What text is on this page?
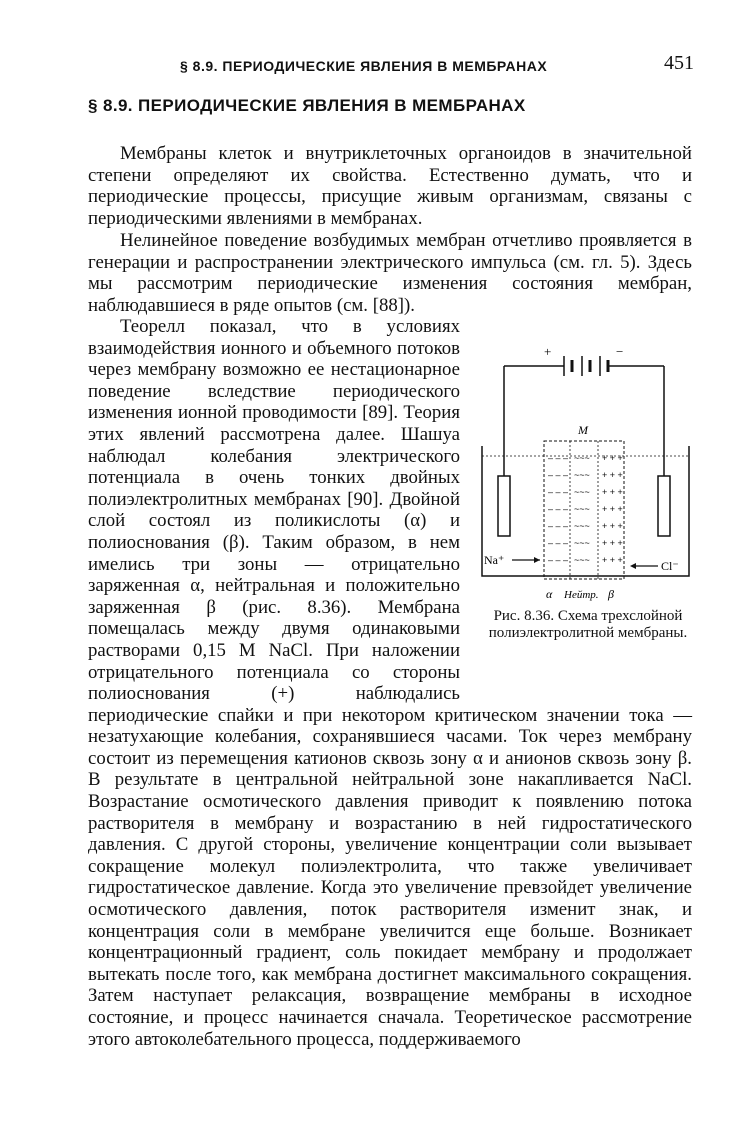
§ 8.9. ПЕРИОДИЧЕСКИЕ ЯВЛЕНИЯ В МЕМБРАНАХ	451
§ 8.9. ПЕРИОДИЧЕСКИЕ ЯВЛЕНИЯ В МЕМБРАНАХ

Мембраны клеток и внутриклеточных органоидов в значительной степени определяют их свойства. Естественно думать, что и периодические процессы, присущие живым организмам, связаны с периодическими явлениями в мембранах.

Нелинейное поведение возбудимых мембран отчетливо проявляется в генерации и распространении электрического импульса (см. гл. 5). Здесь мы рассмотрим периодические изменения состояния мембран, наблюдавшиеся в ряде опытов (см. [88]).

+	−
M
– – – ~~~ + + +
– – – ~~~ + + +
– – – ~~~ + + +
– – – ~~~ + + +
– – – ~~~ + + +
– – – ~~~ + + +
– – – ~~~ + + +
Na⁺	Cl⁻
α Нейтр. β
Рис. 8.36. Схема трехслойной полиэлектролитной мембраны.

Теорелл показал, что в условиях взаимодействия ионного и объемного потоков через мембрану возможно ее нестационарное поведение вследствие периодического изменения ионной проводимости [89]. Теория этих явлений рассмотрена далее. Шашуа наблюдал колебания электрического потенциала в очень тонких двойных полиэлектролитных мембранах [90]. Двойной слой состоял из поликислоты (α) и полиоснования (β). Таким образом, в нем имелись три зоны — отрицательно заряженная α, нейтральная и положительно заряженная β (рис. 8.36). Мембрана помещалась между двумя одинаковыми растворами 0,15 M NaCl. При наложении отрицательного потенциала со стороны полиоснования (+) наблюдались периодические спайки и при некотором критическом значении тока — незатухающие колебания, сохранявшиеся часами. Ток через мембрану состоит из перемещения катионов сквозь зону α и анионов сквозь зону β. В результате в центральной нейтральной зоне накапливается NaCl. Возрастание осмотического давления приводит к появлению потока растворителя в мембрану и возрастанию в ней гидростатического давления. С другой стороны, увеличение концентрации соли вызывает сокращение молекул полиэлектролита, что также увеличивает гидростатическое давление. Когда это увеличение превзойдет увеличение осмотического давления, поток растворителя изменит знак, и концентрация соли в мембране увеличится еще больше. Возникает концентрационный градиент, соль покидает мембрану и продолжает вытекать после того, как мембрана достигнет максимального сокращения. Затем наступает релаксация, возвращение мембраны в исходное состояние, и процесс начинается сначала. Теоретическое рассмотрение этого автоколебательного процесса, поддерживаемого
